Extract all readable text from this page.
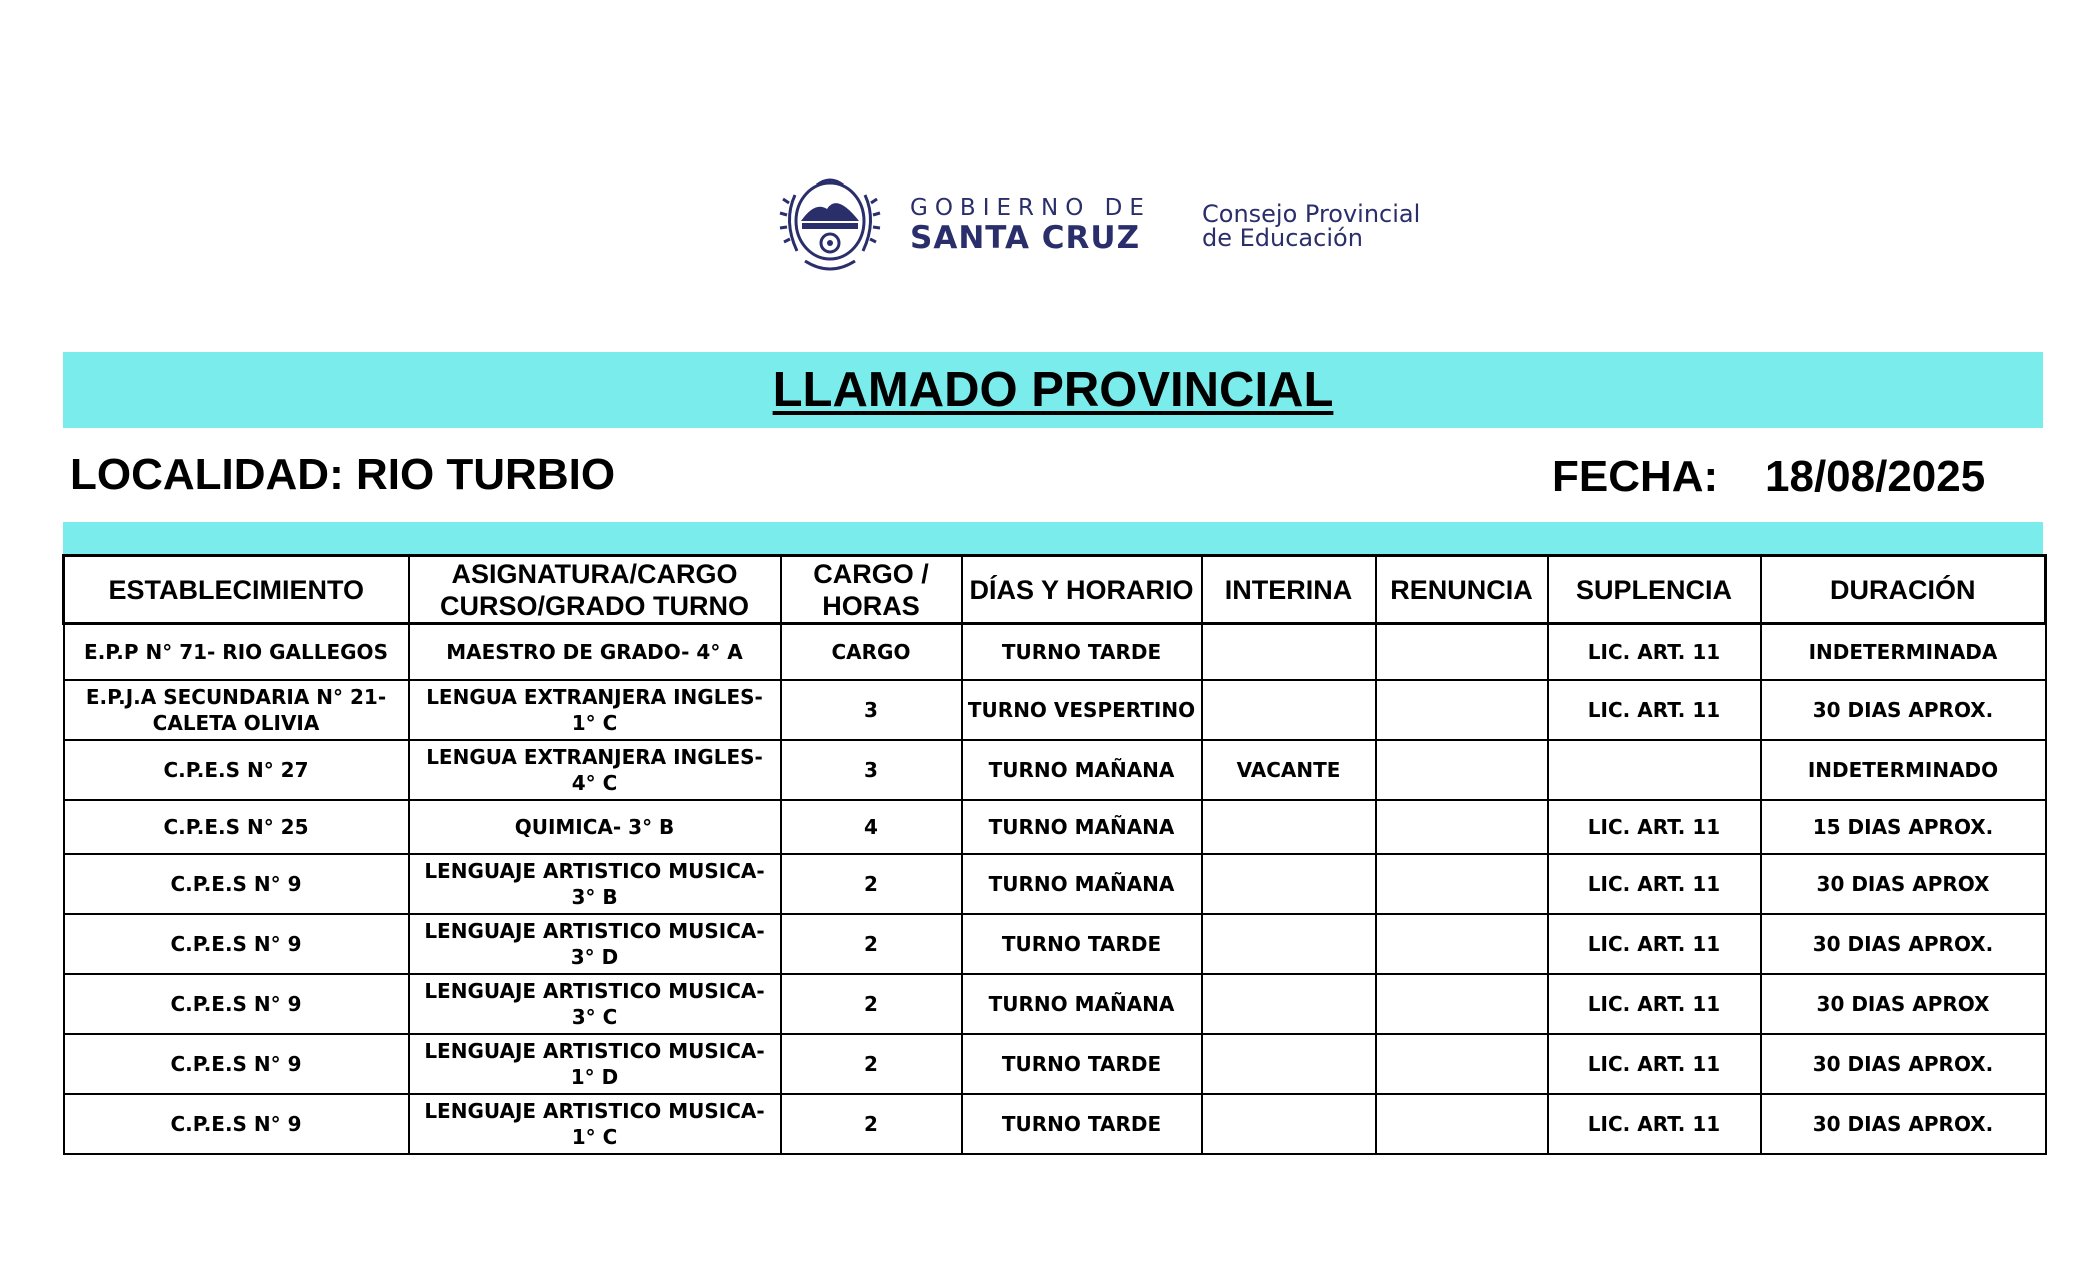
GOBIERNO DE
SANTA CRUZ
Consejo Provincial
de Educación
LLAMADO PROVINCIAL
LOCALIDAD: RIO TURBIO	FECHA: 18/08/2025
ESTABLECIMIENTO	ASIGNATURA/CARGO CURSO/GRADO TURNO	CARGO / HORAS	DÍAS Y HORARIO	INTERINA	RENUNCIA	SUPLENCIA	DURACIÓN
E.P.P N° 71- RIO GALLEGOS	MAESTRO DE GRADO- 4° A	CARGO	TURNO TARDE			LIC. ART. 11	INDETERMINADA
E.P.J.A SECUNDARIA N° 21- CALETA OLIVIA	LENGUA EXTRANJERA INGLES- 1° C	3	TURNO VESPERTINO			LIC. ART. 11	30 DIAS APROX.
C.P.E.S N° 27	LENGUA EXTRANJERA INGLES- 4° C	3	TURNO MAÑANA	VACANTE			INDETERMINADO
C.P.E.S N° 25	QUIMICA- 3° B	4	TURNO MAÑANA			LIC. ART. 11	15 DIAS APROX.
C.P.E.S N° 9	LENGUAJE ARTISTICO MUSICA- 3° B	2	TURNO MAÑANA			LIC. ART. 11	30 DIAS APROX
C.P.E.S N° 9	LENGUAJE ARTISTICO MUSICA- 3° D	2	TURNO TARDE			LIC. ART. 11	30 DIAS APROX.
C.P.E.S N° 9	LENGUAJE ARTISTICO MUSICA- 3° C	2	TURNO MAÑANA			LIC. ART. 11	30 DIAS APROX
C.P.E.S N° 9	LENGUAJE ARTISTICO MUSICA- 1° D	2	TURNO TARDE			LIC. ART. 11	30 DIAS APROX.
C.P.E.S N° 9	LENGUAJE ARTISTICO MUSICA- 1° C	2	TURNO TARDE			LIC. ART. 11	30 DIAS APROX.
